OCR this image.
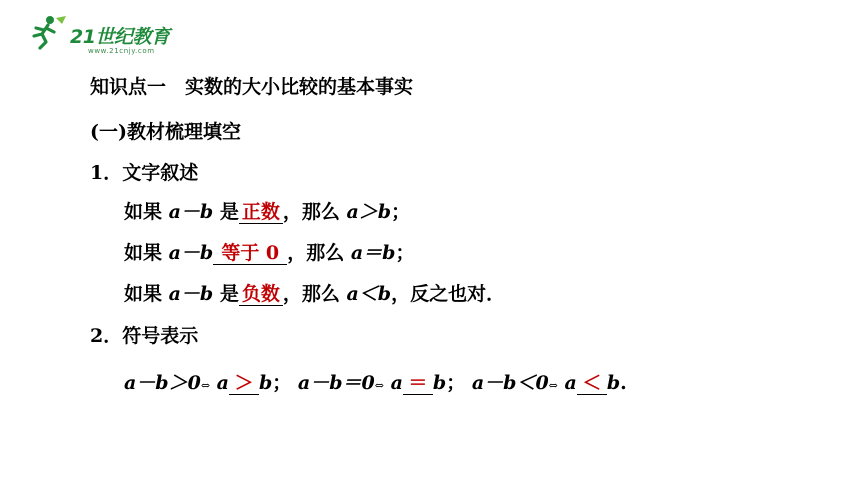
21世纪教育
www.21cnjy.com
知识点一　实数的大小比较的基本事实
(一)教材梳理填空
1．文字叙述
如果 a－b 是 正数 ，那么 a＞b；
如果 a－b 等于 0 ，那么 a＝b；
如果 a－b 是 负数 ，那么 a＜b，反之也对．
2．符号表示
a－b＞0⇔ a ＞ b； a－b＝0⇔ a ＝ b； a－b＜0⇔ a ＜ b.
